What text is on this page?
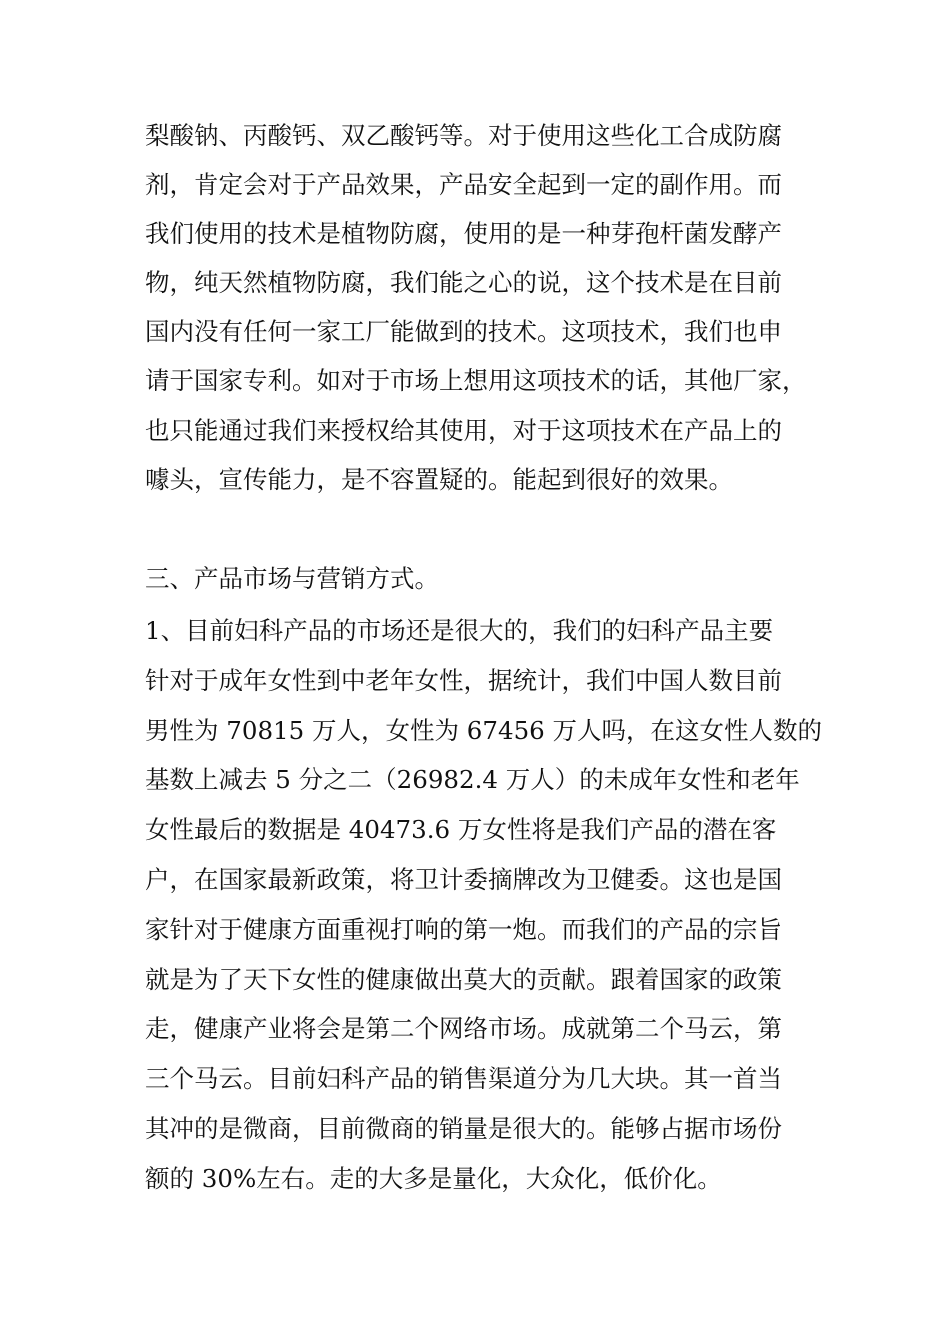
梨酸钠、丙酸钙、双乙酸钙等。对于使用这些化工合成防腐
剂，肯定会对于产品效果，产品安全起到一定的副作用。而
我们使用的技术是植物防腐，使用的是一种芽孢杆菌发酵产
物，纯天然植物防腐，我们能之心的说，这个技术是在目前
国内没有任何一家工厂能做到的技术。这项技术，我们也申
请于国家专利。如对于市场上想用这项技术的话，其他厂家，
也只能通过我们来授权给其使用，对于这项技术在产品上的
噱头，宣传能力，是不容置疑的。能起到很好的效果。
三、产品市场与营销方式。
1、目前妇科产品的市场还是很大的，我们的妇科产品主要
针对于成年女性到中老年女性，据统计，我们中国人数目前
男性为 70815 万人，女性为 67456 万人吗，在这女性人数的
基数上减去 5 分之二（26982.4 万人）的未成年女性和老年
女性最后的数据是 40473.6 万女性将是我们产品的潜在客
户，在国家最新政策，将卫计委摘牌改为卫健委。这也是国
家针对于健康方面重视打响的第一炮。而我们的产品的宗旨
就是为了天下女性的健康做出莫大的贡献。跟着国家的政策
走，健康产业将会是第二个网络市场。成就第二个马云，第
三个马云。目前妇科产品的销售渠道分为几大块。其一首当
其冲的是微商，目前微商的销量是很大的。能够占据市场份
额的 30%左右。走的大多是量化，大众化，低价化。
